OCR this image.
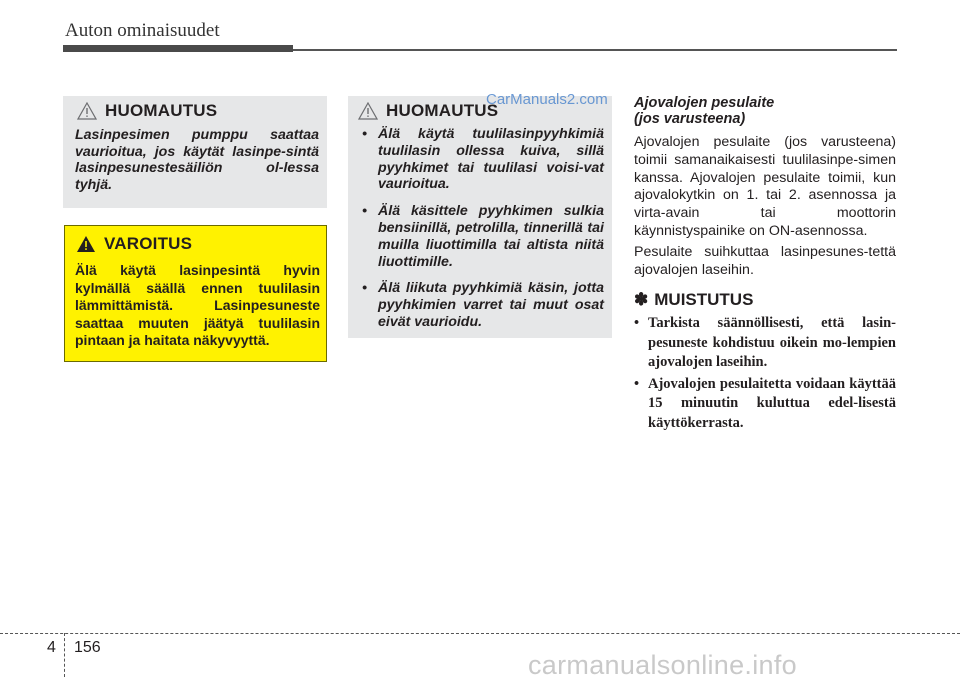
Auton ominaisuudet
HUOMAUTUS
Lasinpesimen pumppu saattaa vaurioitua, jos käytät lasinpe-sintä lasinpesunestesäiliön ol-lessa tyhjä.
VAROITUS
Älä käytä lasinpesintä hyvin kylmällä säällä ennen tuulilasin lämmittämistä. Lasinpesuneste saattaa muuten jäätyä tuulilasin pintaan ja haitata näkyvyyttä.
HUOMAUTUS
• Älä käytä tuulilasinpyyhkimiä tuulilasin ollessa kuiva, sillä pyyhkimet tai tuulilasi voisi-vat vaurioitua.
• Älä käsittele pyyhkimen sulkia bensiinillä, petrolilla, tinnerillä tai muilla liuottimilla tai altista niitä liuottimille.
• Älä liikuta pyyhkimiä käsin, jotta pyyhkimien varret tai muut osat eivät vaurioidu.
CarManuals2.com Ajovalojen pesulaite
(jos varusteena)
Ajovalojen pesulaite (jos varusteena) toimii samanaikaisesti tuulilasinpe-simen kanssa. Ajovalojen pesulaite toimii, kun ajovalokytkin on 1. tai 2. asennossa ja virta-avain tai moottorin käynnistyspainike on ON-asennossa.
Pesulaite suihkuttaa lasinpesunes-tettä ajovalojen laseihin.
✽ MUISTUTUS
• Tarkista säännöllisesti, että lasin-pesuneste kohdistuu oikein mo-lempien ajovalojen laseihin.
• Ajovalojen pesulaitetta voidaan käyttää 15 minuutin kuluttua edel-lisestä käyttökerrasta.
4 156
carmanualsonline.info
